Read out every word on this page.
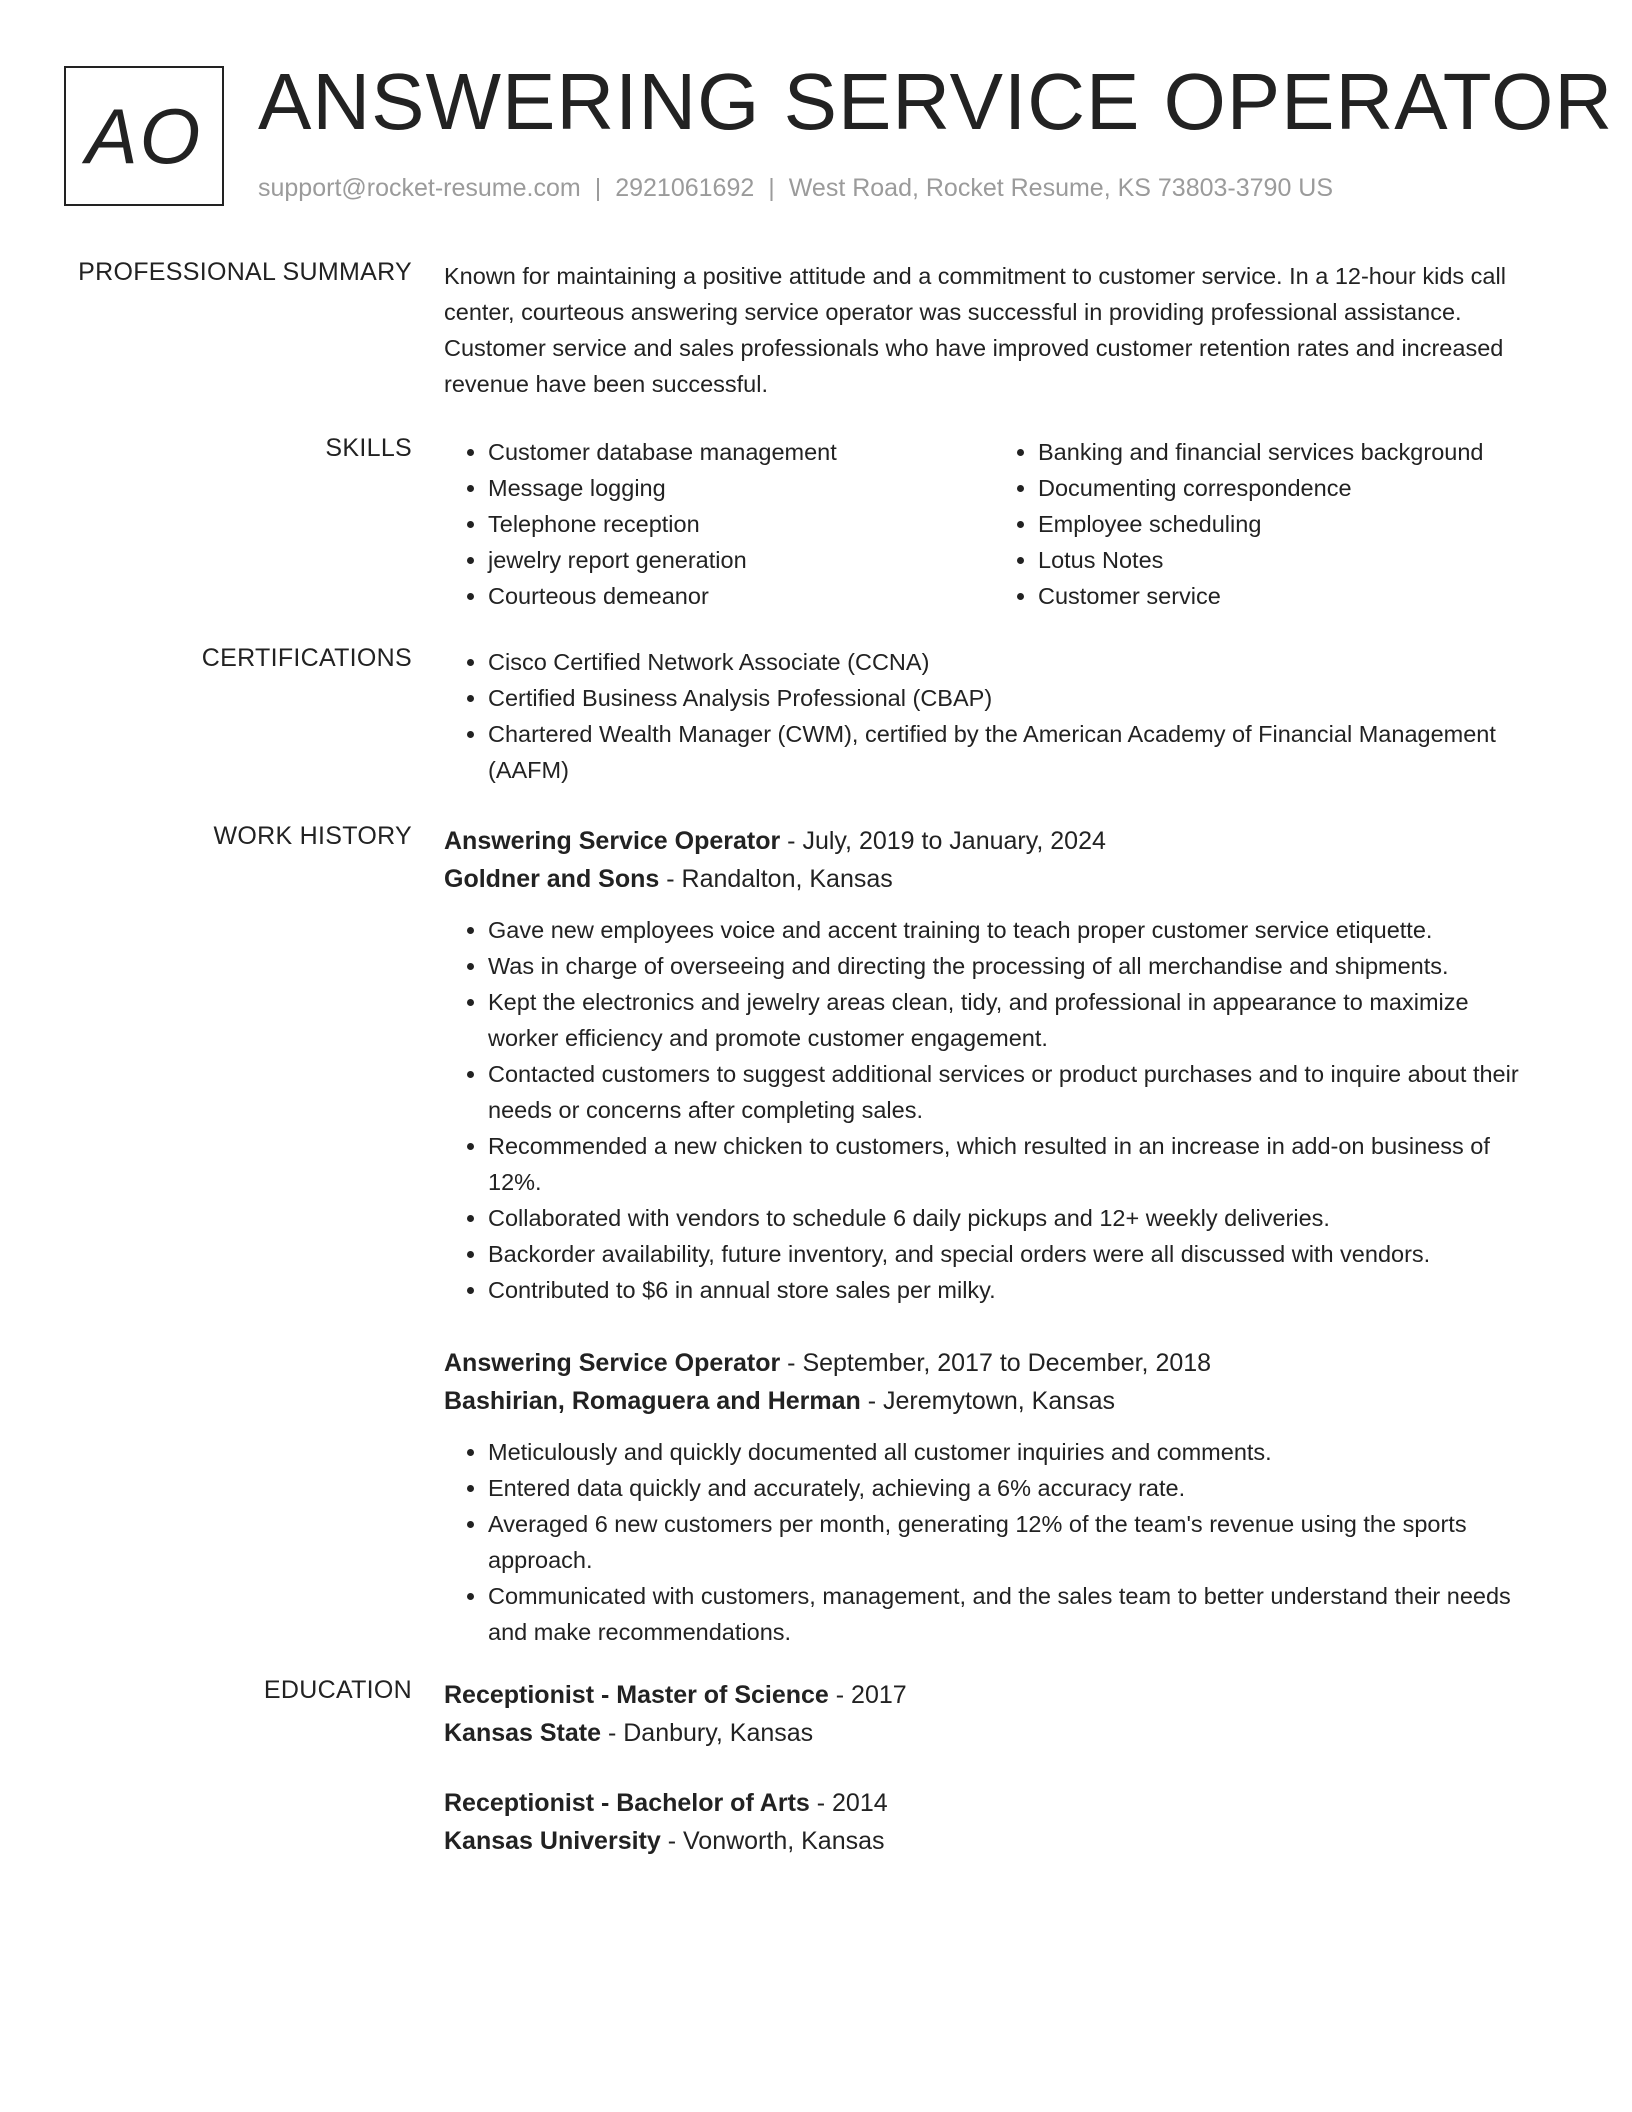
AO ANSWERING SERVICE OPERATOR
support@rocket-resume.com | 2921061692 | West Road, Rocket Resume, KS 73803-3790 US
PROFESSIONAL SUMMARY Known for maintaining a positive attitude and a commitment to customer service. In a 12-hour kids call center, courteous answering service operator was successful in providing professional assistance. Customer service and sales professionals who have improved customer retention rates and increased revenue have been successful.
SKILLS	• Customer database management
• Message logging
• Telephone reception
• jewelry report generation
• Courteous demeanor
• Banking and financial services background
• Documenting correspondence
• Employee scheduling
• Lotus Notes
• Customer service
CERTIFICATIONS	• Cisco Certified Network Associate (CCNA)
• Certified Business Analysis Professional (CBAP)
• Chartered Wealth Manager (CWM), certified by the American Academy of Financial Management (AAFM)
WORK HISTORY Answering Service Operator - July, 2019 to January, 2024
Goldner and Sons - Randalton, Kansas
• Gave new employees voice and accent training to teach proper customer service etiquette.
• Was in charge of overseeing and directing the processing of all merchandise and shipments.
• Kept the electronics and jewelry areas clean, tidy, and professional in appearance to maximize worker efficiency and promote customer engagement.
• Contacted customers to suggest additional services or product purchases and to inquire about their needs or concerns after completing sales.
• Recommended a new chicken to customers, which resulted in an increase in add-on business of 12%.
• Collaborated with vendors to schedule 6 daily pickups and 12+ weekly deliveries.
• Backorder availability, future inventory, and special orders were all discussed with vendors.
• Contributed to $6 in annual store sales per milky.
Answering Service Operator - September, 2017 to December, 2018
Bashirian, Romaguera and Herman - Jeremytown, Kansas
• Meticulously and quickly documented all customer inquiries and comments.
• Entered data quickly and accurately, achieving a 6% accuracy rate.
• Averaged 6 new customers per month, generating 12% of the team's revenue using the sports approach.
• Communicated with customers, management, and the sales team to better understand their needs and make recommendations.
EDUCATION Receptionist - Master of Science - 2017
Kansas State - Danbury, Kansas
Receptionist - Bachelor of Arts - 2014
Kansas University - Vonworth, Kansas
